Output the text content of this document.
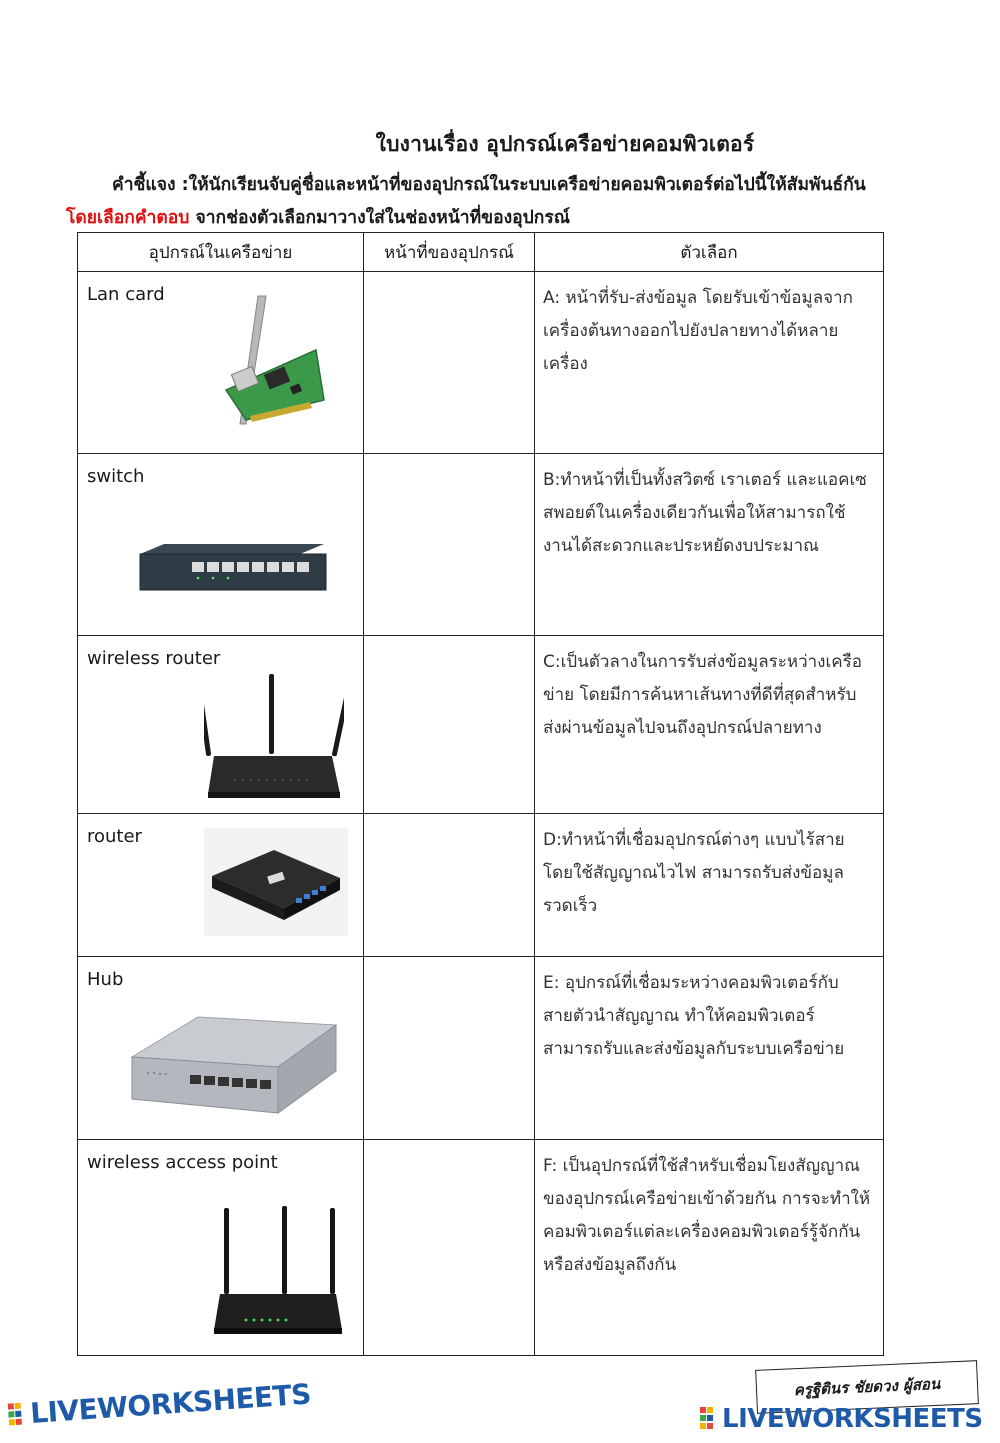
ใบงานเรื่อง อุปกรณ์เครือข่ายคอมพิวเตอร์
คำชี้แจง :ให้นักเรียนจับคู่ชื่อและหน้าที่ของอุปกรณ์ในระบบเครือข่ายคอมพิวเตอร์ต่อไปนี้ให้สัมพันธ์กัน
โดยเลือกคำตอบ จากช่องตัวเลือกมาวางใส่ในช่องหน้าที่ของอุปกรณ์
อุปกรณ์ในเครือข่าย	หน้าที่ของอุปกรณ์	ตัวเลือก

Lan card		A: หน้าที่รับ-ส่งข้อมูล โดยรับเข้าข้อมูลจากเครื่องต้นทางออกไปยังปลายทางได้หลายเครื่อง

switch		B:ทำหน้าที่เป็นทั้งสวิตซ์ เราเตอร์ และแอคเซสพอยต์ในเครื่องเดียวกันเพื่อให้สามารถใช้งานได้สะดวกและประหยัดงบประมาณ

wireless router		C:เป็นตัวลางในการรับส่งข้อมูลระหว่างเครือข่าย โดยมีการค้นหาเส้นทางที่ดีที่สุดสำหรับส่งผ่านข้อมูลไปจนถึงอุปกรณ์ปลายทาง

router		D:ทำหน้าที่เชื่อมอุปกรณ์ต่างๆ แบบไร้สายโดยใช้สัญญาณไวไฟ สามารถรับส่งข้อมูลรวดเร็ว

Hub		E: อุปกรณ์ที่เชื่อมระหว่างคอมพิวเตอร์กับสายตัวนำสัญญาณ ทำให้คอมพิวเตอร์สามารถรับและส่งข้อมูลกับระบบเครือข่าย

wireless access point		F: เป็นอุปกรณ์ที่ใช้สำหรับเชื่อมโยงสัญญาณของอุปกรณ์เครือข่ายเข้าด้วยกัน การจะทำให้คอมพิวเตอร์แต่ละเครื่องคอมพิวเตอร์รู้จักกัน หรือส่งข้อมูลถึงกัน
ครูฐิตินร ชัยดวง ผู้สอน
LIVEWORKSHEETS	LIVEWORKSHEETS
